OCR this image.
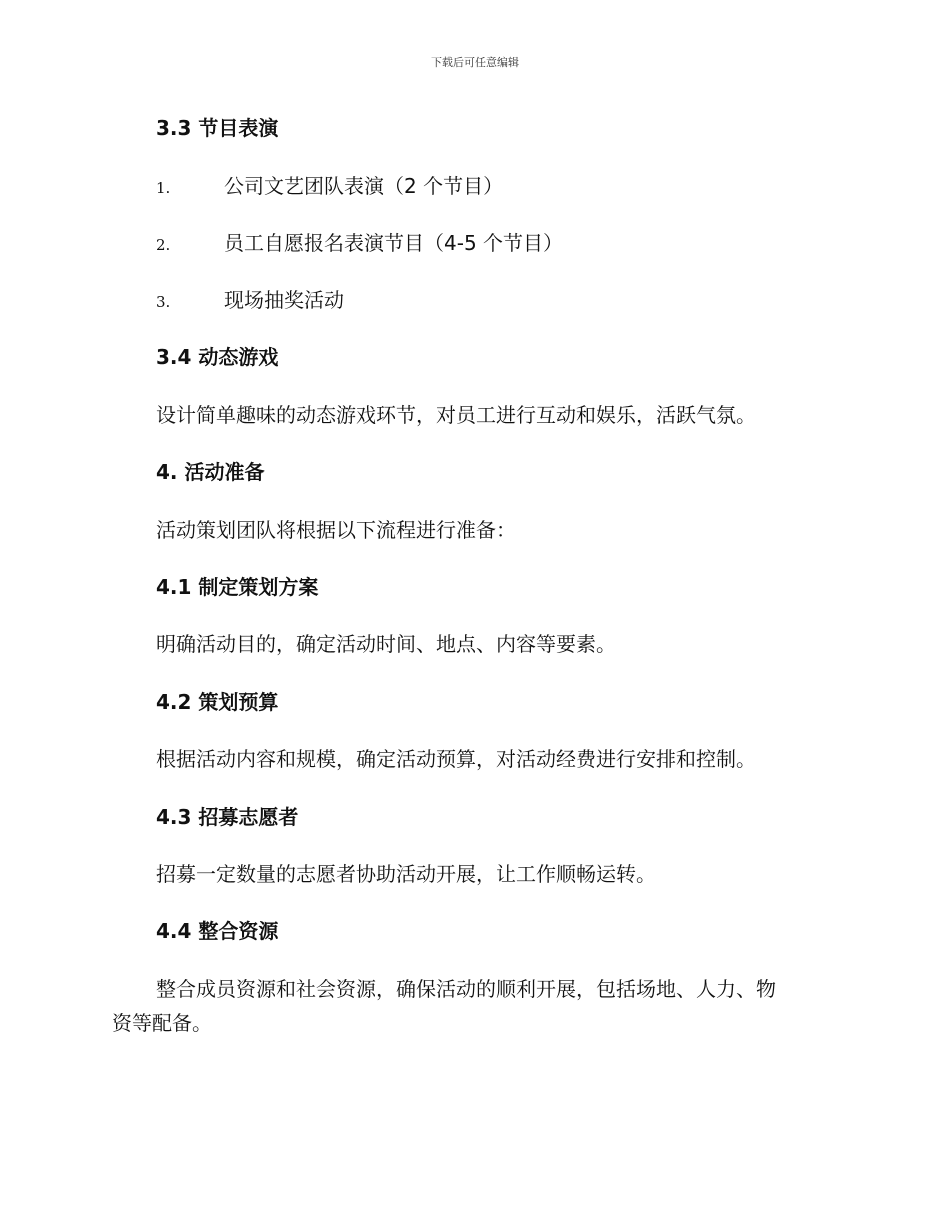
下载后可任意编辑
3.3 节目表演
1.	公司文艺团队表演（2 个节目）
2.	员工自愿报名表演节目（4-5 个节目）
3.	现场抽奖活动
3.4 动态游戏
设计简单趣味的动态游戏环节，对员工进行互动和娱乐，活跃气氛。
4. 活动准备
活动策划团队将根据以下流程进行准备：
4.1 制定策划方案
明确活动目的，确定活动时间、地点、内容等要素。
4.2 策划预算
根据活动内容和规模，确定活动预算，对活动经费进行安排和控制。
4.3 招募志愿者
招募一定数量的志愿者协助活动开展，让工作顺畅运转。
4.4 整合资源
整合成员资源和社会资源，确保活动的顺利开展，包括场地、人力、物
资等配备。
